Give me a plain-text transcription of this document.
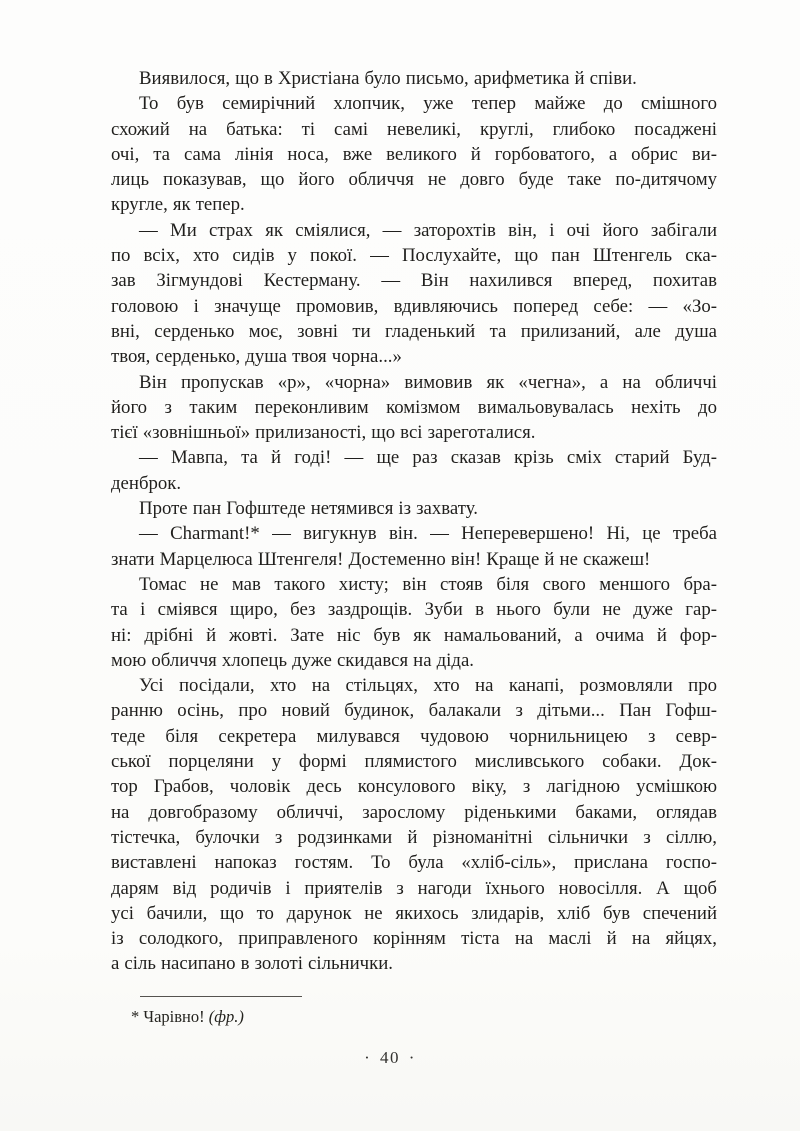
Виявилося, що в Христіана було письмо, арифметика й співи.
То був семирічний хлопчик, уже тепер майже до смішного
схожий на батька: ті самі невеликі, круглі, глибоко посаджені
очі, та сама лінія носа, вже великого й горбоватого, а обрис ви-
лиць показував, що його обличчя не довго буде таке по-дитячому
кругле, як тепер.
— Ми страх як сміялися, — заторохтів він, і очі його забігали
по всіх, хто сидів у покої. — Послухайте, що пан Штенгель ска-
зав Зігмундові Кестерману. — Він нахилився вперед, похитав
головою і значуще промовив, вдивляючись поперед себе: — «Зо-
вні, серденько моє, зовні ти гладенький та прилизаний, але душа
твоя, серденько, душа твоя чорна...»
Він пропускав «р», «чорна» вимовив як «чегна», а на обличчі
його з таким переконливим комізмом вимальовувалась нехіть до
тієї «зовнішньої» прилизаності, що всі зареготалися.
— Мавпа, та й годі! — ще раз сказав крізь сміх старий Буд-
денброк.
Проте пан Гофштеде нетямився із захвату.
— Charmant!* — вигукнув він. — Неперевершено! Ні, це треба
знати Марцелюса Штенгеля! Достеменно він! Краще й не скажеш!
Томас не мав такого хисту; він стояв біля свого меншого бра-
та і сміявся щиро, без заздрощів. Зуби в нього були не дуже гар-
ні: дрібні й жовті. Зате ніс був як намальований, а очима й фор-
мою обличчя хлопець дуже скидався на діда.
Усі посідали, хто на стільцях, хто на канапі, розмовляли про
ранню осінь, про новий будинок, балакали з дітьми... Пан Гофш-
теде біля секретера милувався чудовою чорнильницею з севр-
ської порцеляни у формі плямистого мисливського собаки. Док-
тор Грабов, чоловік десь консулового віку, з лагідною усмішкою
на довгобразому обличчі, зарослому ріденькими баками, оглядав
тістечка, булочки з родзинками й різноманітні сільнички з сіллю,
виставлені напоказ гостям. То була «хліб-сіль», прислана госпо-
дарям від родичів і приятелів з нагоди їхнього новосілля. А щоб
усі бачили, що то дарунок не якихось злидарів, хліб був спечений
із солодкого, приправленого корінням тіста на маслі й на яйцях,
а сіль насипано в золоті сільнички.
* Чарівно! (фр.)
· 40 ·
